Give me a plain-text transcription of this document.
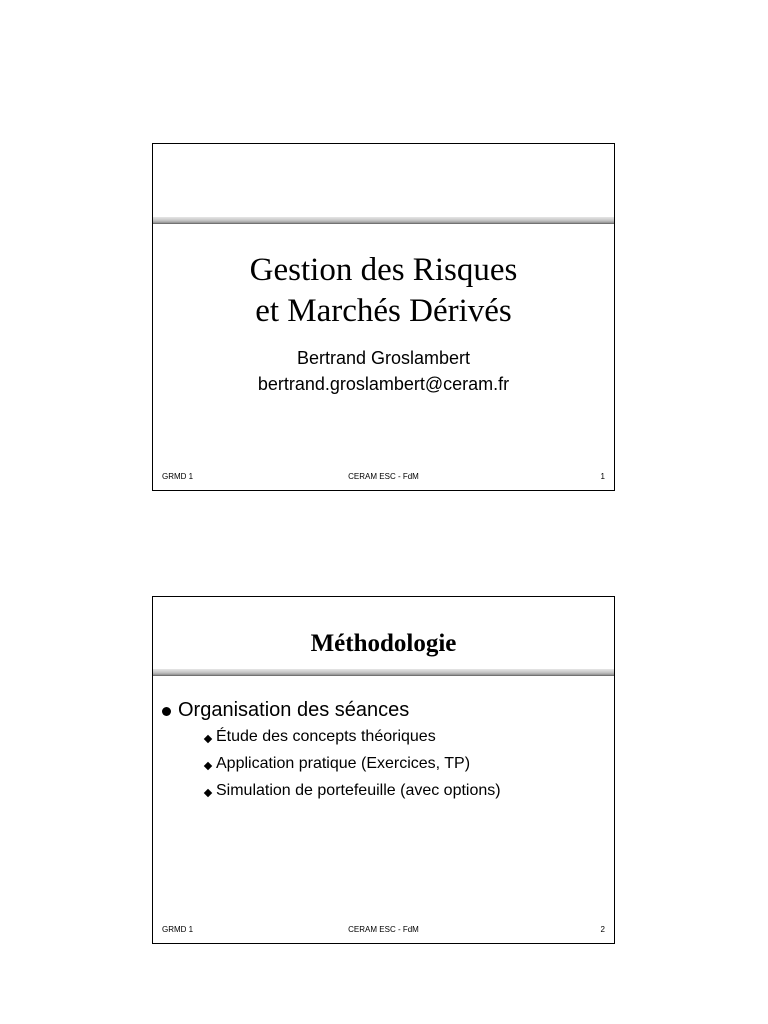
Gestion des Risques
et Marchés Dérivés
Bertrand Groslambert
bertrand.groslambert@ceram.fr
GRMD 1	CERAM ESC - FdM	1
Méthodologie
Organisation des séances
Étude des concepts théoriques
Application pratique (Exercices, TP)
Simulation de portefeuille (avec options)
GRMD 1	CERAM ESC - FdM	2
